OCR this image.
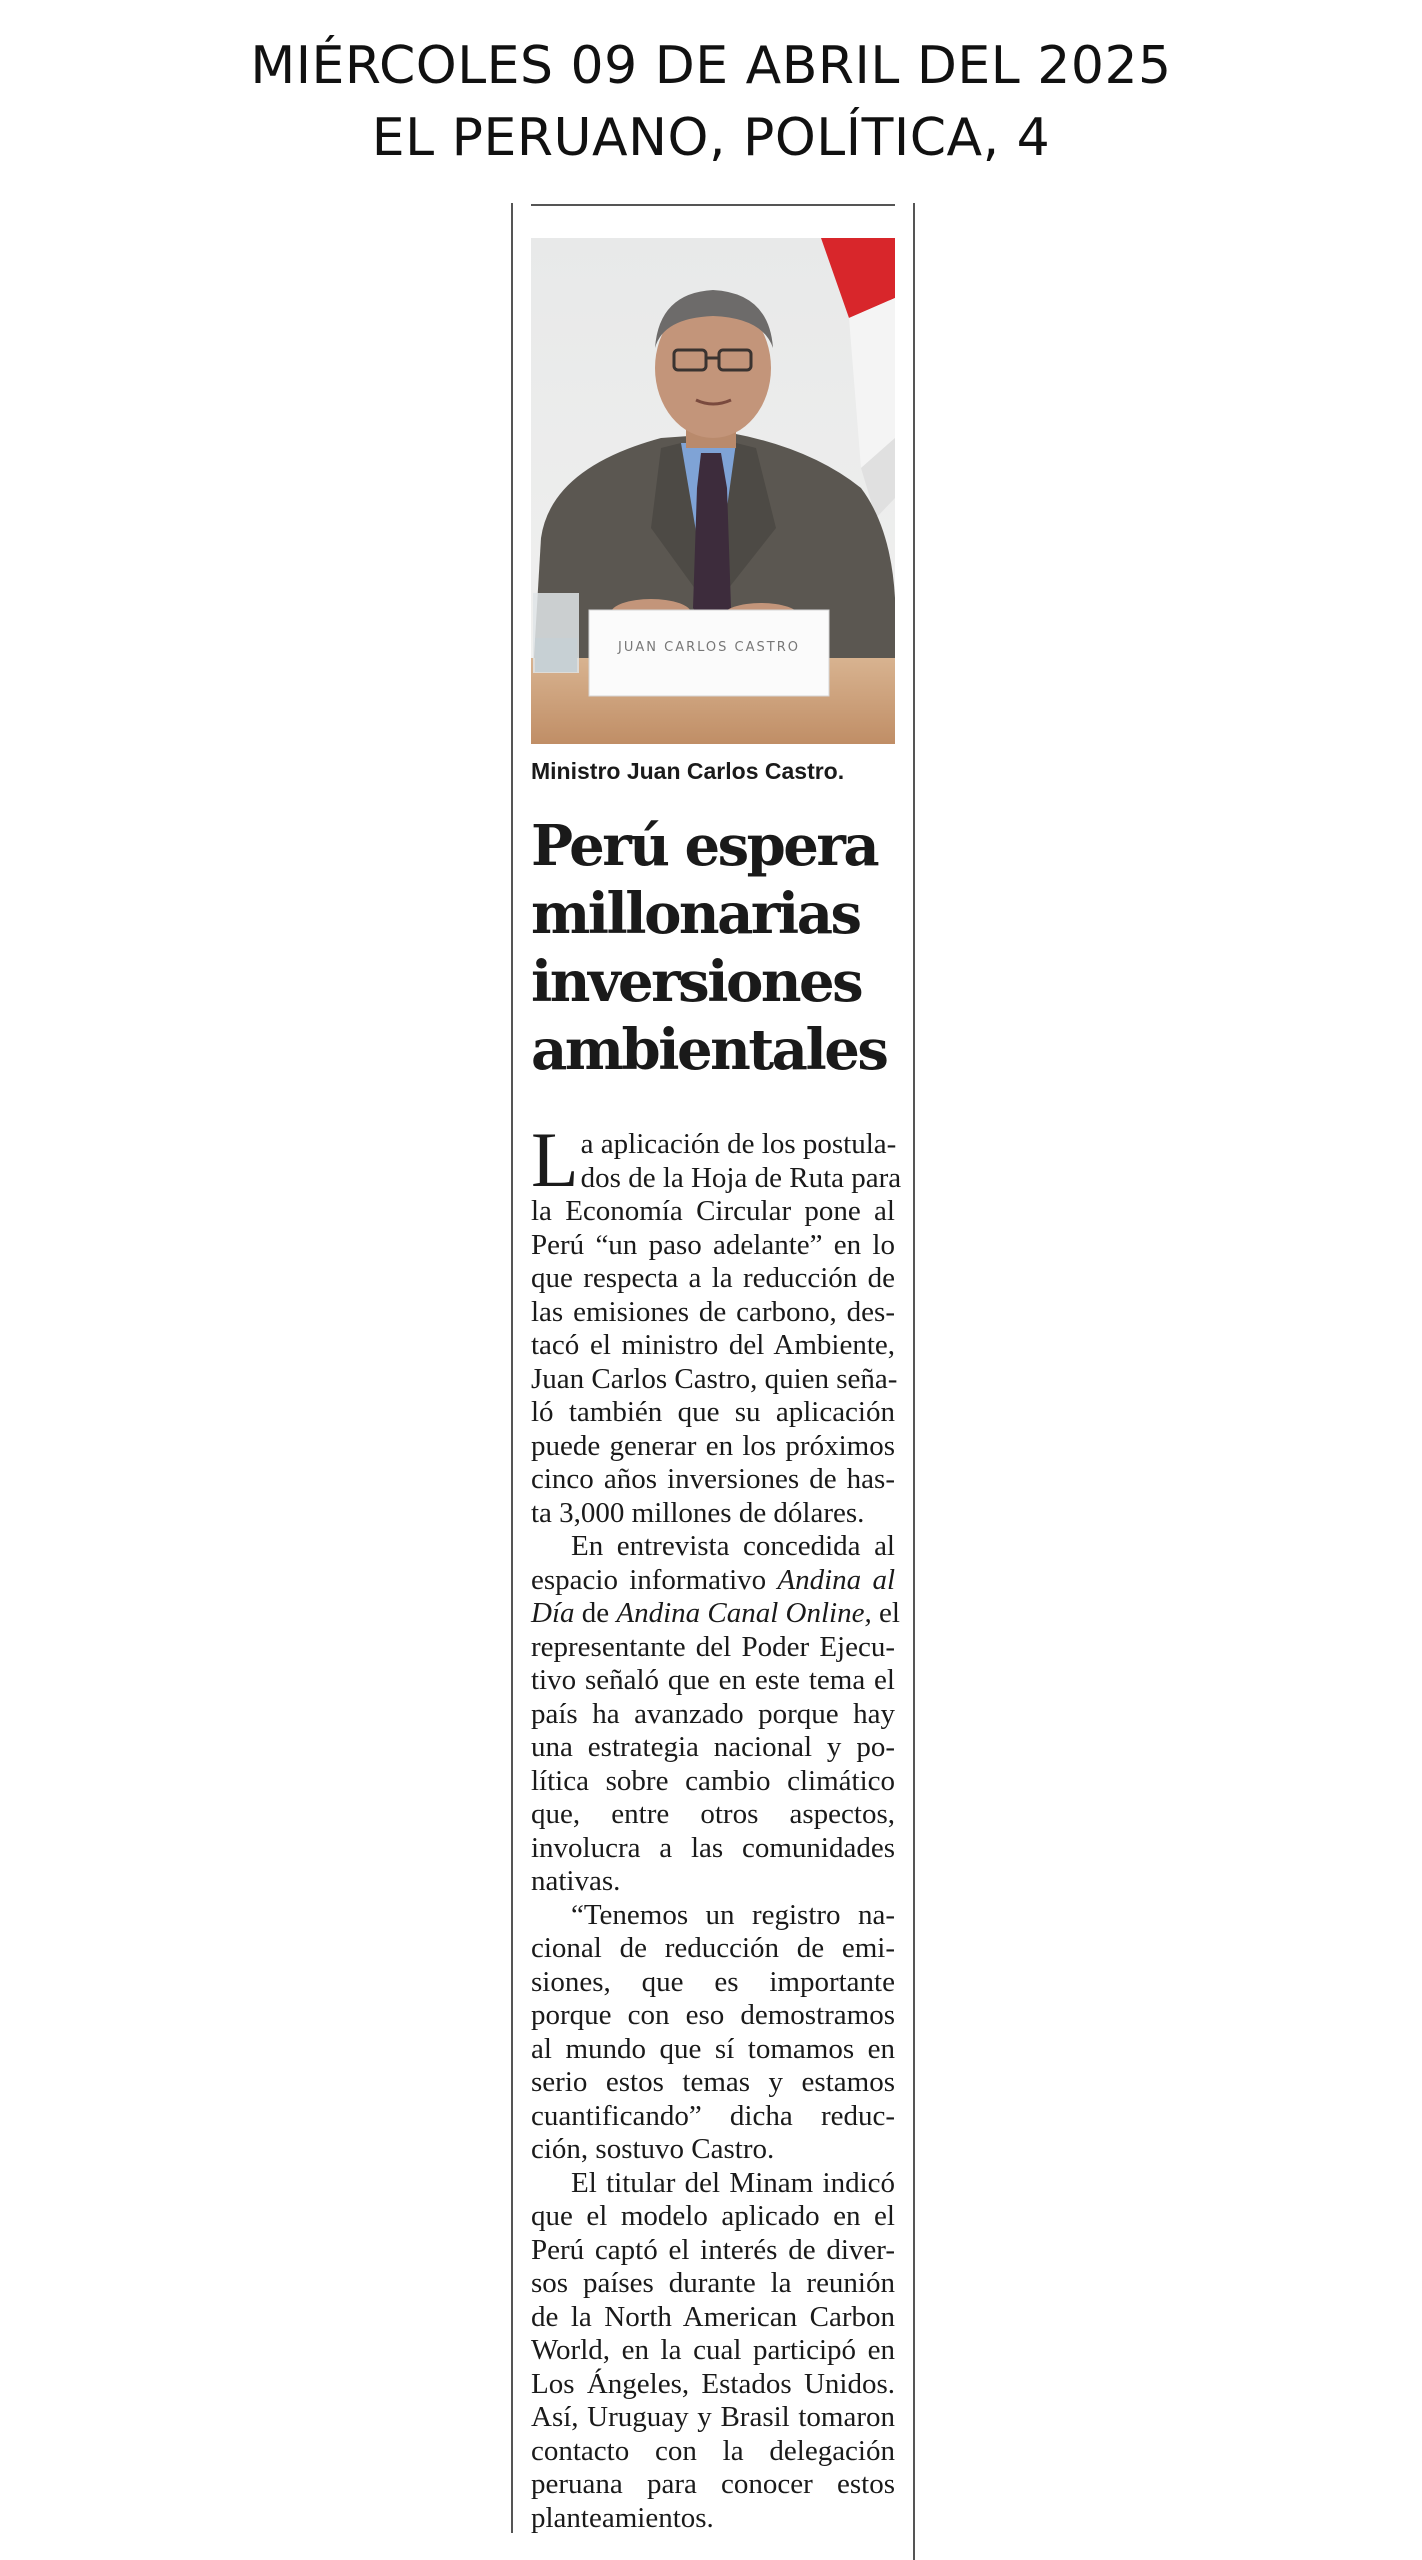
MIÉRCOLES 09 DE ABRIL DEL 2025
EL PERUANO, POLÍTICA, 4
JUAN CARLOS CASTRO
Ministro Juan Carlos Castro.
Perú espera
millonarias
inversiones
ambientales
L a aplicación de los postula-
dos de la Hoja de Ruta para
la Economía Circular pone al
Perú “un paso adelante” en lo
que respecta a la reducción de
las emisiones de carbono, des-
tacó el ministro del Ambiente,
Juan Carlos Castro, quien seña-
ló también que su aplicación
puede generar en los próximos
cinco años inversiones de has-
ta 3,000 millones de dólares.
En entrevista concedida al
espacio informativo Andina al
Día de Andina Canal Online, el
representante del Poder Ejecu-
tivo señaló que en este tema el
país ha avanzado porque hay
una estrategia nacional y po-
lítica sobre cambio climático
que, entre otros aspectos,
involucra a las comunidades
nativas.
“Tenemos un registro na-
cional de reducción de emi-
siones, que es importante
porque con eso demostramos
al mundo que sí tomamos en
serio estos temas y estamos
cuantificando” dicha reduc-
ción, sostuvo Castro.
El titular del Minam indicó
que el modelo aplicado en el
Perú captó el interés de diver-
sos países durante la reunión
de la North American Carbon
World, en la cual participó en
Los Ángeles, Estados Unidos.
Así, Uruguay y Brasil tomaron
contacto con la delegación
peruana para conocer estos
planteamientos.
